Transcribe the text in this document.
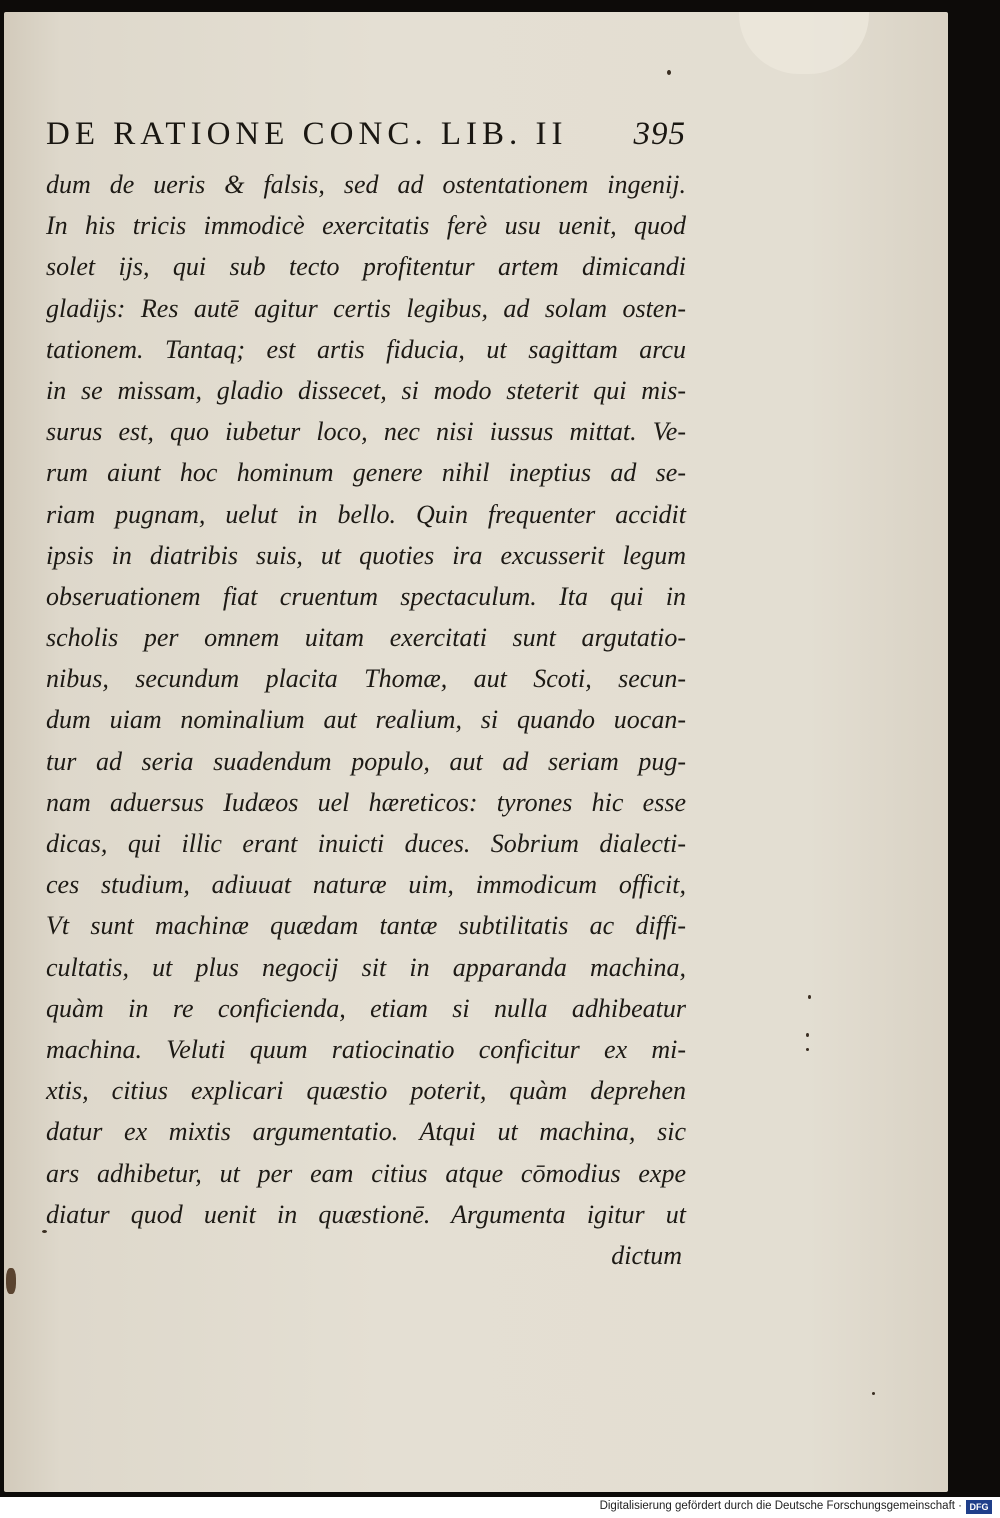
DE RATIONE CONC. LIB. II 395
dum de ueris & falsis, sed ad ostentationem ingenij.
In his tricis immodicè exercitatis ferè usu uenit, quod
solet ijs, qui sub tecto profitentur artem dimicandi
gladijs: Res autē agitur certis legibus, ad solam osten-
tationem. Tantaq; est artis fiducia, ut sagittam arcu
in se missam, gladio dissecet, si modo steterit qui mis-
surus est, quo iubetur loco, nec nisi iussus mittat. Ve-
rum aiunt hoc hominum genere nihil ineptius ad se-
riam pugnam, uelut in bello. Quin frequenter accidit
ipsis in diatribis suis, ut quoties ira excusserit legum
obseruationem fiat cruentum spectaculum. Ita qui in
scholis per omnem uitam exercitati sunt argutatio-
nibus, secundum placita Thomæ, aut Scoti, secun-
dum uiam nominalium aut realium, si quando uocan-
tur ad seria suadendum populo, aut ad seriam pug-
nam aduersus Iudæos uel hæreticos: tyrones hic esse
dicas, qui illic erant inuicti duces. Sobrium dialecti-
ces studium, adiuuat naturæ uim, immodicum officit,
Vt sunt machinæ quædam tantæ subtilitatis ac diffi-
cultatis, ut plus negocij sit in apparanda machina,
quàm in re conficienda, etiam si nulla adhibeatur
machina. Veluti quum ratiocinatio conficitur ex mi-
xtis, citius explicari quæstio poterit, quàm deprehen
datur ex mixtis argumentatio. Atqui ut machina, sic
ars adhibetur, ut per eam citius atque cōmodius expe
diatur quod uenit in quæstionē. Argumenta igitur ut
dictum
Digitalisierung gefördert durch die Deutsche Forschungsgemeinschaft · DFG
